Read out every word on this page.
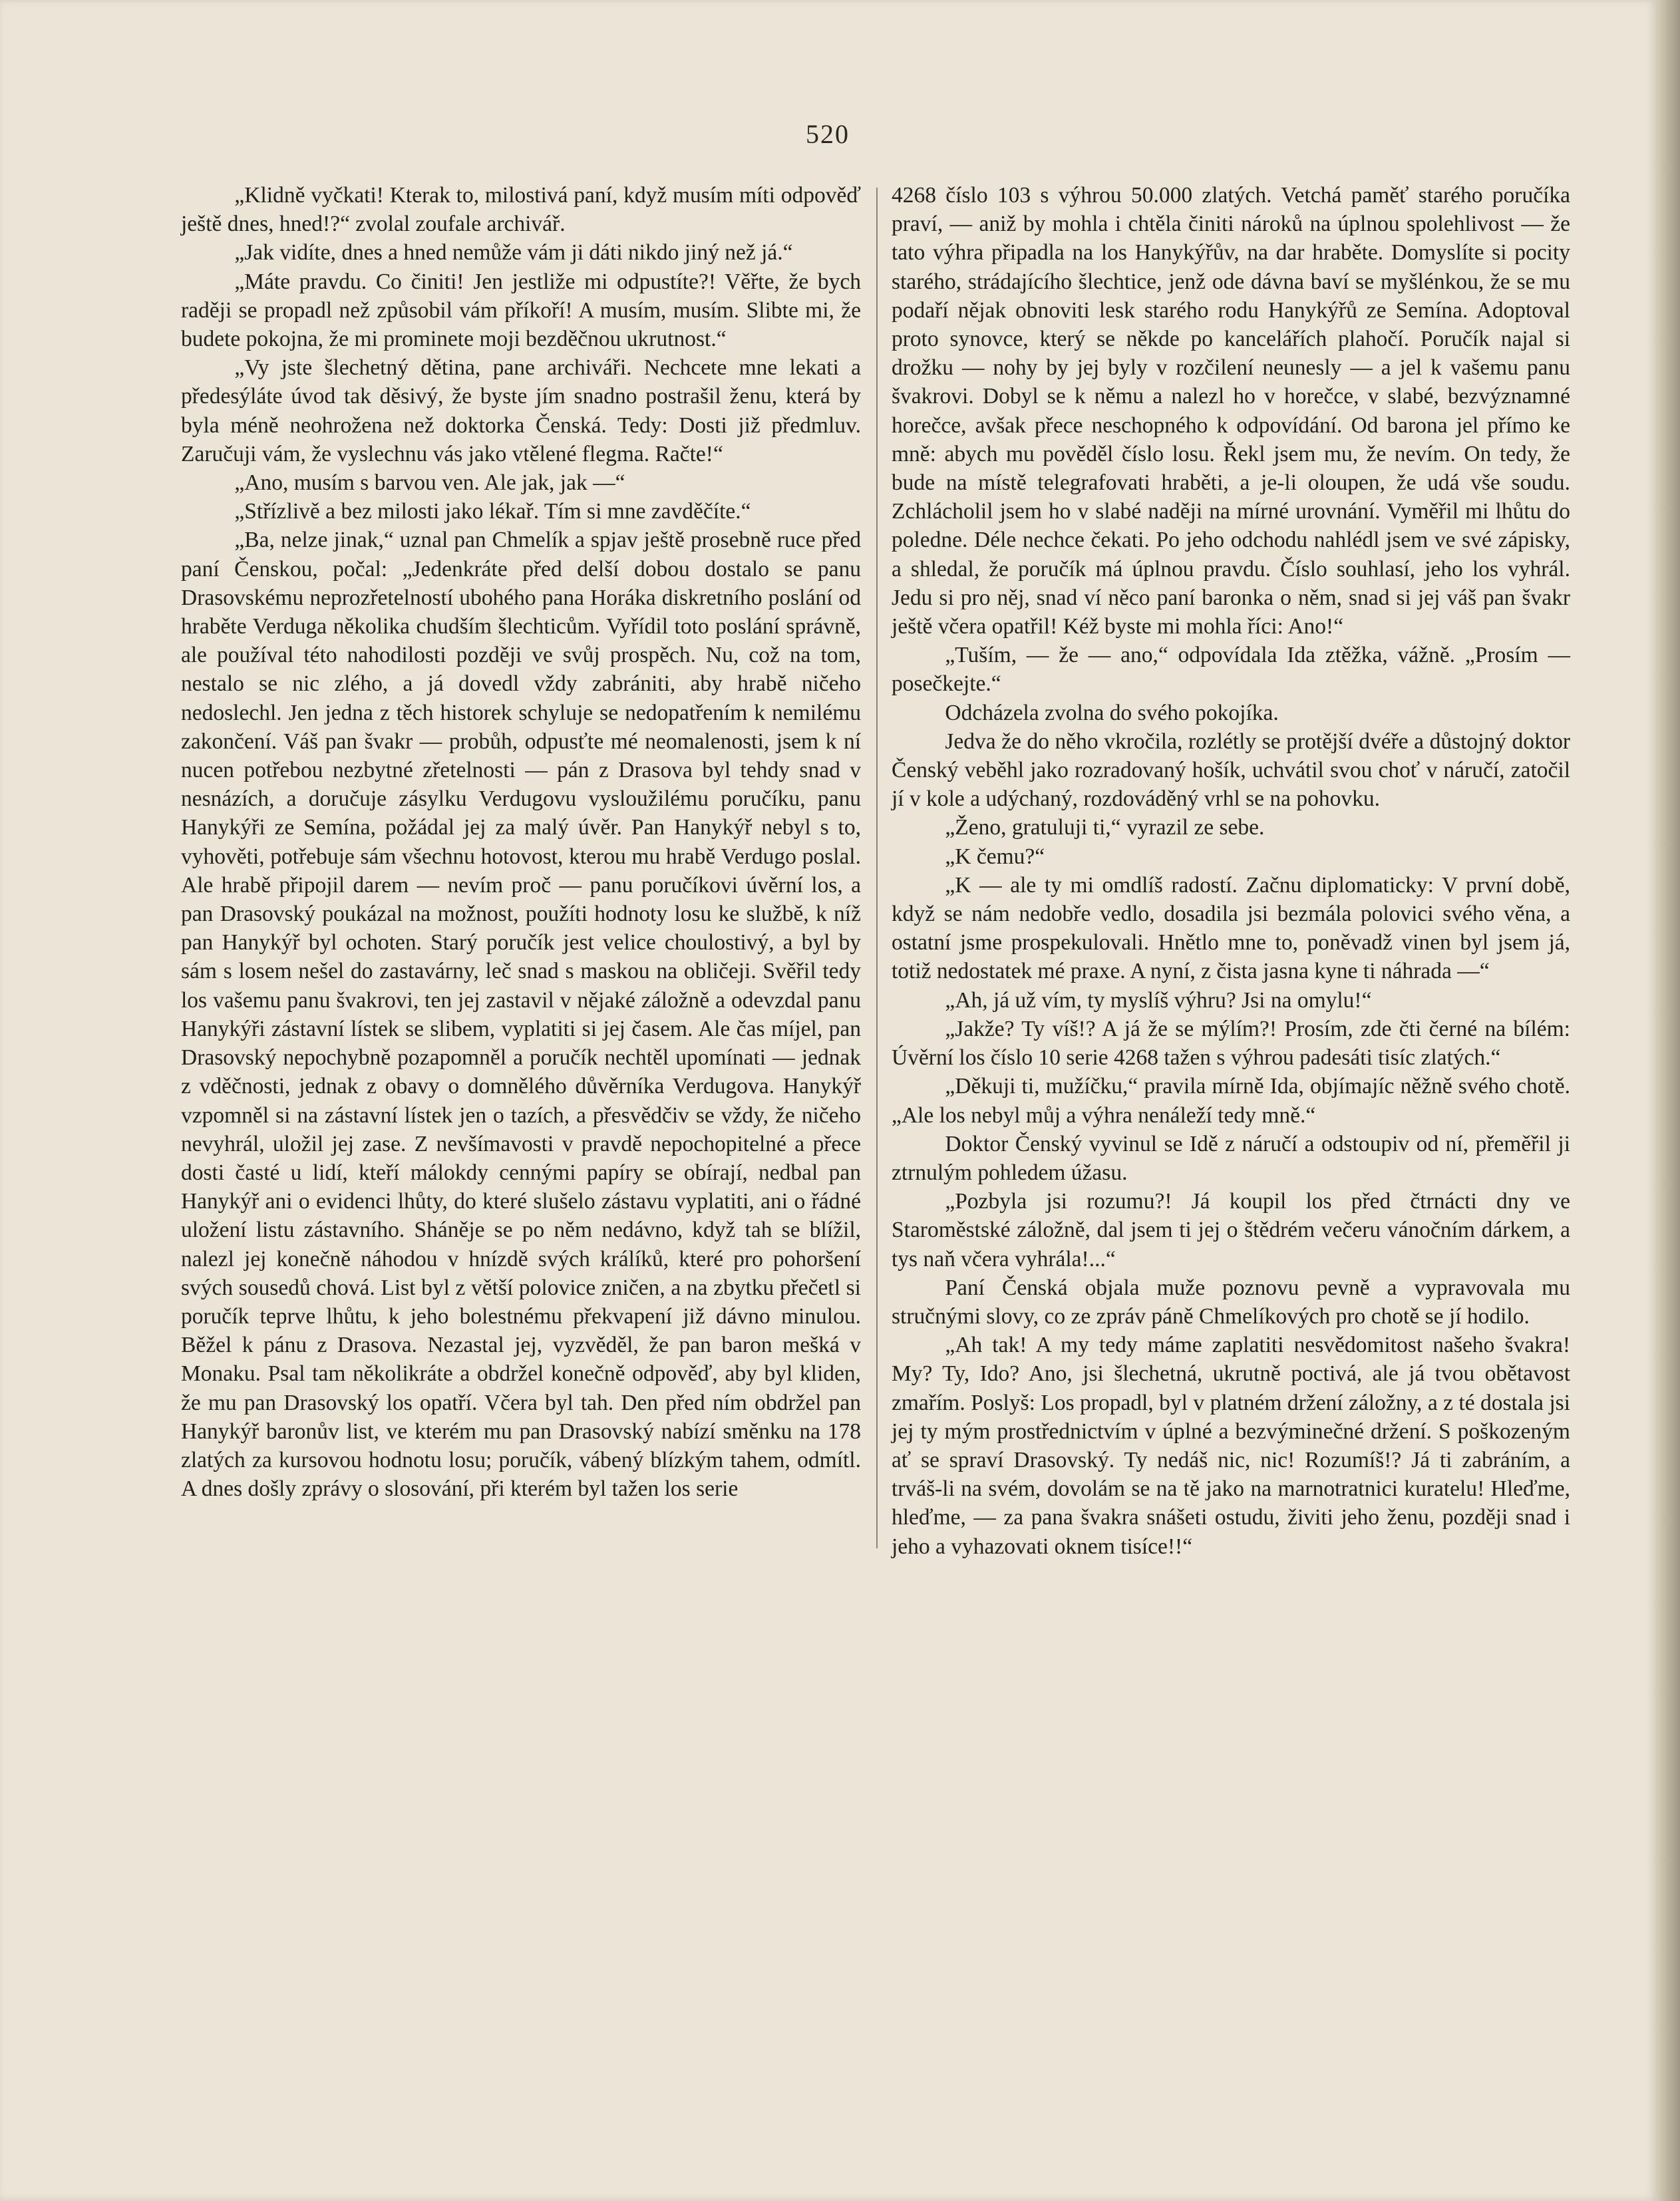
520

„Klidně vyčkati! Kterak to, milostivá paní, když musím míti odpověď ještě dnes, hned!?“ zvolal zoufale archivář.

„Jak vidíte, dnes a hned nemůže vám ji dáti nikdo jiný než já.“

„Máte pravdu. Co činiti! Jen jestliže mi odpustíte?! Věřte, že bych raději se propadl než způsobil vám příkoří! A musím, musím. Slibte mi, že budete pokojna, že mi prominete moji bezděčnou ukrutnost.“

„Vy jste šlechetný dětina, pane archiváři. Nechcete mne lekati a předesýláte úvod tak děsivý, že byste jím snadno postrašil ženu, která by byla méně neohrožena než doktorka Čenská. Tedy: Dosti již předmluv. Zaručuji vám, že vyslechnu vás jako vtělené flegma. Račte!“

„Ano, musím s barvou ven. Ale jak, jak —“

„Střízlivě a bez milosti jako lékař. Tím si mne zavděčíte.“

„Ba, nelze jinak,“ uznal pan Chmelík a spjav ještě prosebně ruce před paní Čenskou, počal: „Jedenkráte před delší dobou dostalo se panu Drasovskému neprozřetelností ubohého pana Horáka diskretního poslání od hraběte Verduga několika chudším šlechticům. Vyřídil toto poslání správně, ale používal této nahodilosti později ve svůj prospěch. Nu, což na tom, nestalo se nic zlého, a já dovedl vždy zabrániti, aby hrabě ničeho nedoslechl. Jen jedna z těch historek schyluje se nedopatřením k nemilému zakončení. Váš pan švakr — probůh, odpusťte mé neomalenosti, jsem k ní nucen potřebou nezbytné zřetelnosti — pán z Drasova byl tehdy snad v nesnázích, a doručuje zásylku Verdugovu vysloužilému poručíku, panu Hanykýři ze Semína, požádal jej za malý úvěr. Pan Hanykýř nebyl s to, vyhověti, potřebuje sám všechnu hotovost, kterou mu hrabě Verdugo poslal. Ale hrabě připojil darem — nevím proč — panu poručíkovi úvěrní los, a pan Drasovský poukázal na možnost, použíti hodnoty losu ke službě, k níž pan Hanykýř byl ochoten. Starý poručík jest velice choulostivý, a byl by sám s losem nešel do zastavárny, leč snad s maskou na obličeji. Svěřil tedy los vašemu panu švakrovi, ten jej zastavil v nějaké záložně a odevzdal panu Hanykýři zástavní lístek se slibem, vyplatiti si jej časem. Ale čas míjel, pan Drasovský nepochybně pozapomněl a poručík nechtěl upomínati — jednak z vděčnosti, jednak z obavy o domnělého důvěrníka Verdugova. Hanykýř vzpomněl si na zástavní lístek jen o tazích, a přesvědčiv se vždy, že ničeho nevyhrál, uložil jej zase. Z nevšímavosti v pravdě nepochopitelné a přece dosti časté u lidí, kteří málokdy cennými papíry se obírají, nedbal pan Hanykýř ani o evidenci lhůty, do které slušelo zástavu vyplatiti, ani o řádné uložení listu zástavního. Sháněje se po něm nedávno, když tah se blížil, nalezl jej konečně náhodou v hnízdě svých králíků, které pro pohoršení svých sousedů chová. List byl z větší polovice zničen, a na zbytku přečetl si poručík teprve lhůtu, k jeho bolestnému překvapení již dávno minulou. Běžel k pánu z Drasova. Nezastal jej, vyzvěděl, že pan baron mešká v Monaku. Psal tam několikráte a obdržel konečně odpověď, aby byl kliden, že mu pan Drasovský los opatří. Včera byl tah. Den před ním obdržel pan Hanykýř baronův list, ve kterém mu pan Drasovský nabízí směnku na 178 zlatých za kursovou hodnotu losu; poručík, vábený blízkým tahem, odmítl. A dnes došly zprávy o slosování, při kterém byl tažen los serie

4268 číslo 103 s výhrou 50.000 zlatých. Vetchá paměť starého poručíka praví, — aniž by mohla i chtěla činiti nároků na úplnou spolehlivost — že tato výhra připadla na los Hanykýřův, na dar hraběte. Domyslíte si pocity starého, strádajícího šlechtice, jenž ode dávna baví se myšlénkou, že se mu podaří nějak obnoviti lesk starého rodu Hanykýřů ze Semína. Adoptoval proto synovce, který se někde po kancelářích plahočí. Poručík najal si drožku — nohy by jej byly v rozčilení neunesly — a jel k vašemu panu švakrovi. Dobyl se k němu a nalezl ho v horečce, v slabé, bezvýznamné horečce, avšak přece neschopného k odpovídání. Od barona jel přímo ke mně: abych mu pověděl číslo losu. Řekl jsem mu, že nevím. On tedy, že bude na místě telegrafovati hraběti, a je-li oloupen, že udá vše soudu. Zchlácholil jsem ho v slabé naději na mírné urovnání. Vyměřil mi lhůtu do poledne. Déle nechce čekati. Po jeho odchodu nahlédl jsem ve své zápisky, a shledal, že poručík má úplnou pravdu. Číslo souhlasí, jeho los vyhrál. Jedu si pro něj, snad ví něco paní baronka o něm, snad si jej váš pan švakr ještě včera opatřil! Kéž byste mi mohla říci: Ano!“

„Tuším, — že — ano,“ odpovídala Ida ztěžka, vážně. „Prosím — posečkejte.“

Odcházela zvolna do svého pokojíka.

Jedva že do něho vkročila, rozlétly se protější dvéře a důstojný doktor Čenský veběhl jako rozradovaný hošík, uchvátil svou choť v náručí, zatočil jí v kole a udýchaný, rozdováděný vrhl se na pohovku.

„Ženo, gratuluji ti,“ vyrazil ze sebe.

„K čemu?“

„K — ale ty mi omdlíš radostí. Začnu diplomaticky: V první době, když se nám nedobře vedlo, dosadila jsi bezmála polovici svého věna, a ostatní jsme prospekulovali. Hnětlo mne to, poněvadž vinen byl jsem já, totiž nedostatek mé praxe. A nyní, z čista jasna kyne ti náhrada —“

„Ah, já už vím, ty myslíš výhru? Jsi na omylu!“

„Jakže? Ty víš!? A já že se mýlím?! Prosím, zde čti černé na bílém: Úvěrní los číslo 10 serie 4268 tažen s výhrou padesáti tisíc zlatých.“

„Děkuji ti, mužíčku,“ pravila mírně Ida, objímajíc něžně svého chotě. „Ale los nebyl můj a výhra nenáleží tedy mně.“

Doktor Čenský vyvinul se Idě z náručí a odstoupiv od ní, přeměřil ji ztrnulým pohledem úžasu.

„Pozbyla jsi rozumu?! Já koupil los před čtrnácti dny ve Staroměstské záložně, dal jsem ti jej o štědrém večeru vánočním dárkem, a tys naň včera vyhrála!...“

Paní Čenská objala muže poznovu pevně a vypravovala mu stručnými slovy, co ze zpráv páně Chmelíkových pro chotě se jí hodilo.

„Ah tak! A my tedy máme zaplatiti nesvědomitost našeho švakra! My? Ty, Ido? Ano, jsi šlechetná, ukrutně poctivá, ale já tvou obětavost zmařím. Poslyš: Los propadl, byl v platném držení záložny, a z té dostala jsi jej ty mým prostřednictvím v úplné a bezvýminečné držení. S poškozeným ať se spraví Drasovský. Ty nedáš nic, nic! Rozumíš!? Já ti zabráním, a trváš-li na svém, dovolám se na tě jako na marnotratnici kuratelu! Hleďme, hleďme, — za pana švakra snášeti ostudu, živiti jeho ženu, později snad i jeho a vyhazovati oknem tisíce!!“
